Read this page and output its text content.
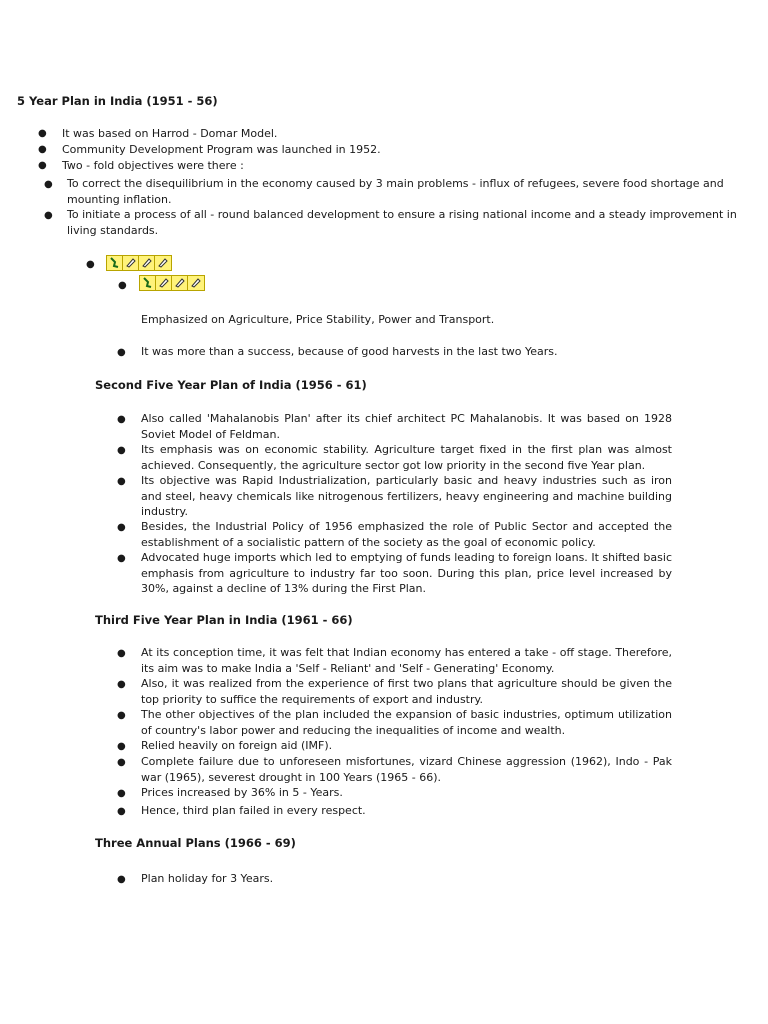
5 Year Plan in India (1951 - 56)
● It was based on Harrod - Domar Model.
● Community Development Program was launched in 1952.
● Two - fold objectives were there :
● To correct the disequilibrium in the economy caused by 3 main problems - influx of refugees, severe food shortage and mounting inflation.
● To initiate a process of all - round balanced development to ensure a rising national income and a steady improvement in living standards.
●
●
Emphasized on Agriculture, Price Stability, Power and Transport.
● It was more than a success, because of good harvests in the last two Years.
Second Five Year Plan of India (1956 - 61)
● Also called 'Mahalanobis Plan' after its chief architect PC Mahalanobis. It was based on 1928 Soviet Model of Feldman.
● Its emphasis was on economic stability. Agriculture target fixed in the first plan was almost achieved. Consequently, the agriculture sector got low priority in the second five Year plan.
● Its objective was Rapid Industrialization, particularly basic and heavy industries such as iron and steel, heavy chemicals like nitrogenous fertilizers, heavy engineering and machine building industry.
● Besides, the Industrial Policy of 1956 emphasized the role of Public Sector and accepted the establishment of a socialistic pattern of the society as the goal of economic policy.
● Advocated huge imports which led to emptying of funds leading to foreign loans. It shifted basic emphasis from agriculture to industry far too soon. During this plan, price level increased by 30%, against a decline of 13% during the First Plan.
Third Five Year Plan in India (1961 - 66)
● At its conception time, it was felt that Indian economy has entered a take - off stage. Therefore, its aim was to make India a 'Self - Reliant' and 'Self - Generating' Economy.
● Also, it was realized from the experience of first two plans that agriculture should be given the top priority to suffice the requirements of export and industry.
● The other objectives of the plan included the expansion of basic industries, optimum utilization of country's labor power and reducing the inequalities of income and wealth.
● Relied heavily on foreign aid (IMF).
● Complete failure due to unforeseen misfortunes, vizard Chinese aggression (1962), Indo - Pak war (1965), severest drought in 100 Years (1965 - 66).
● Prices increased by 36% in 5 - Years.
● Hence, third plan failed in every respect.
Three Annual Plans (1966 - 69)
● Plan holiday for 3 Years.
